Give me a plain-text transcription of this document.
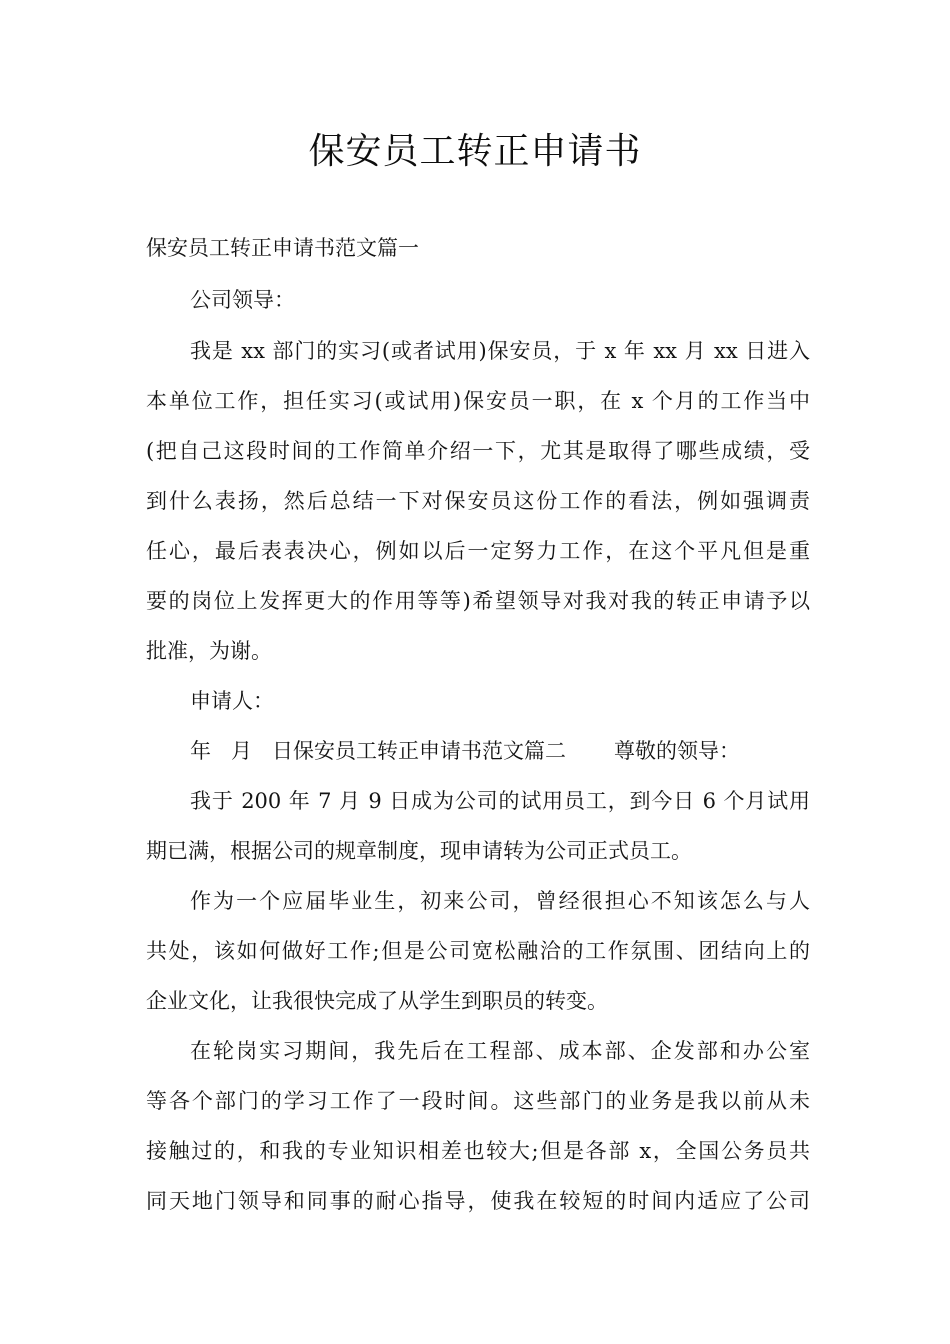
保安员工转正申请书
保安员工转正申请书范文篇一
公司领导：
我是 xx 部门的实习(或者试用)保安员，于 x 年 xx 月 xx 日进入
本单位工作，担任实习(或试用)保安员一职，在 x 个月的工作当中
(把自己这段时间的工作简单介绍一下，尤其是取得了哪些成绩，受
到什么表扬，然后总结一下对保安员这份工作的看法，例如强调责
任心，最后表表决心，例如以后一定努力工作，在这个平凡但是重
要的岗位上发挥更大的作用等等)希望领导对我对我的转正申请予以
批准，为谢。
申请人：
年 月 日保安员工转正申请书范文篇二 尊敬的领导：
我于 200 年 7 月 9 日成为公司的试用员工，到今日 6 个月试用
期已满，根据公司的规章制度，现申请转为公司正式员工。
作为一个应届毕业生，初来公司，曾经很担心不知该怎么与人
共处，该如何做好工作;但是公司宽松融洽的工作氛围、团结向上的
企业文化，让我很快完成了从学生到职员的转变。
在轮岗实习期间，我先后在工程部、成本部、企发部和办公室
等各个部门的学习工作了一段时间。这些部门的业务是我以前从未
接触过的，和我的专业知识相差也较大;但是各部 x，全国公务员共
同天地门领导和同事的耐心指导，使我在较短的时间内适应了公司
